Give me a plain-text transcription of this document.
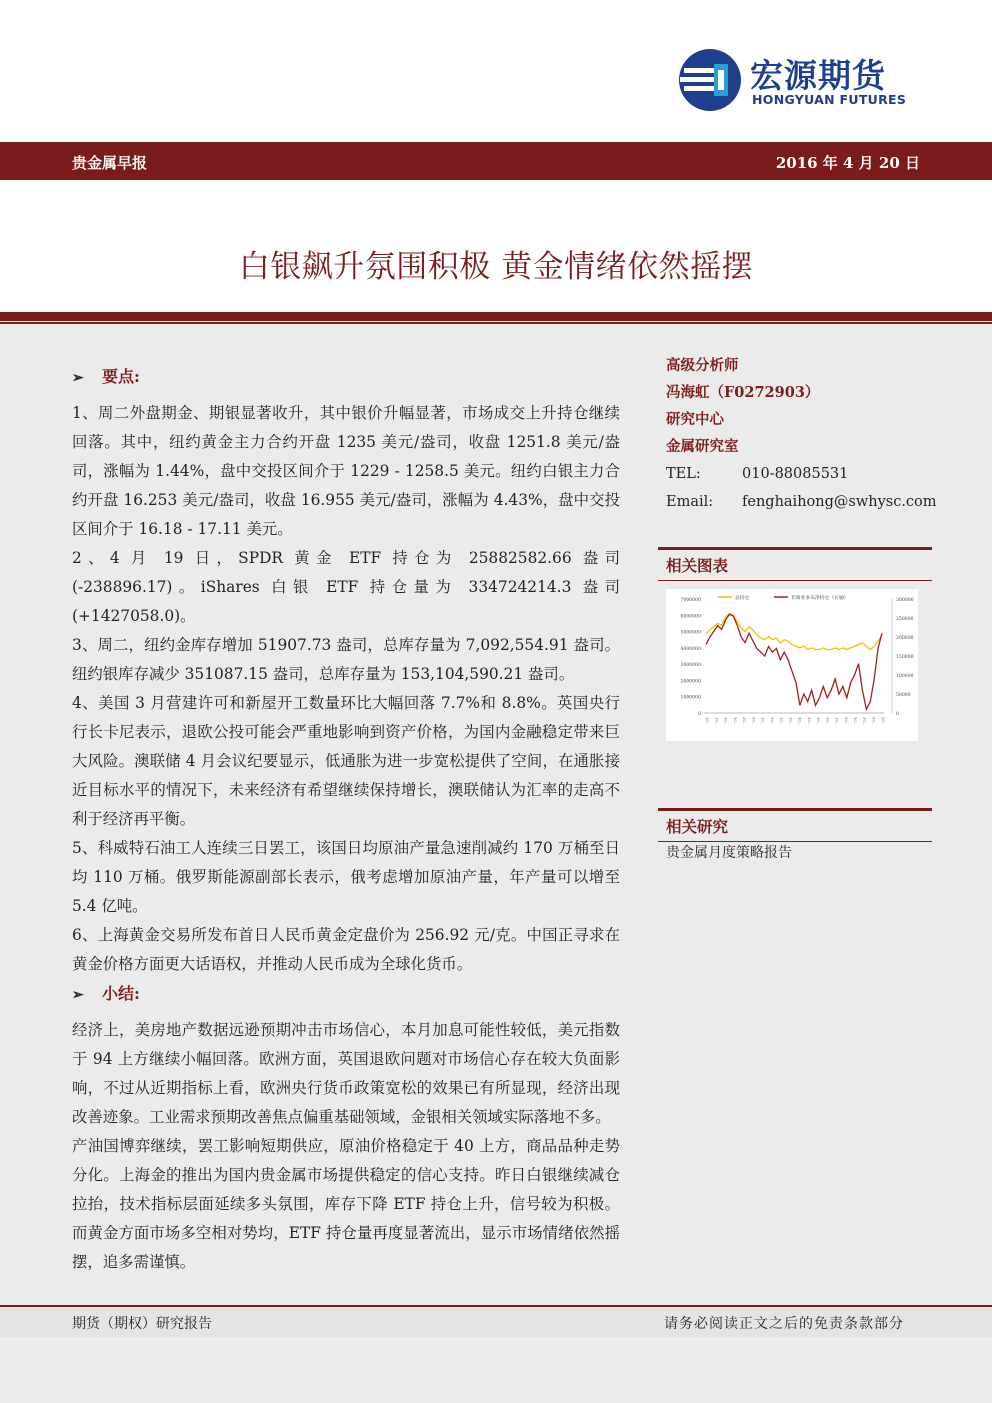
宏源期货
HONGYUAN FUTURES
贵金属早报	2016 年 4 月 20 日
白银飙升氛围积极 黄金情绪依然摇摆
➢ 要点:

1、周二外盘期金、期银显著收升，其中银价升幅显著，市场成交上升持仓继续回落。其中，纽约黄金主力合约开盘 1235 美元/盎司，收盘 1251.8 美元/盎司，涨幅为 1.44%，盘中交投区间介于 1229 - 1258.5 美元。纽约白银主力合约开盘 16.253 美元/盎司，收盘 16.955 美元/盎司，涨幅为 4.43%，盘中交投区间介于 16.18 - 17.11 美元。

2、4 月 19 日，SPDR 黄金 ETF 持仓为 25882582.66 盎司 (-238896.17)。iShares 白银 ETF 持仓量为 334724214.3 盎司 (+1427058.0)。

3、周二，纽约金库存增加 51907.73 盎司，总库存量为 7,092,554.91 盎司。纽约银库存减少 351087.15 盎司，总库存量为 153,104,590.21 盎司。

4、美国 3 月营建许可和新屋开工数量环比大幅回落 7.7%和 8.8%。英国央行行长卡尼表示，退欧公投可能会严重地影响到资产价格，为国内金融稳定带来巨大风险。澳联储 4 月会议纪要显示，低通胀为进一步宽松提供了空间，在通胀接近目标水平的情况下，未来经济有希望继续保持增长，澳联储认为汇率的走高不利于经济再平衡。

5、科威特石油工人连续三日罢工，该国日均原油产量急速削减约 170 万桶至日均 110 万桶。俄罗斯能源副部长表示，俄考虑增加原油产量，年产量可以增至 5.4 亿吨。

6、上海黄金交易所发布首日人民币黄金定盘价为 256.92 元/克。中国正寻求在黄金价格方面更大话语权，并推动人民币成为全球化货币。

➢ 小结:

经济上，美房地产数据远逊预期冲击市场信心，本月加息可能性较低，美元指数于 94 上方继续小幅回落。欧洲方面，英国退欧问题对市场信心存在较大负面影响，不过从近期指标上看，欧洲央行货币政策宽松的效果已有所显现，经济出现改善迹象。工业需求预期改善焦点偏重基础领域，金银相关领域实际落地不多。

产油国博弈继续，罢工影响短期供应，原油价格稳定于 40 上方，商品品种走势分化。上海金的推出为国内贵金属市场提供稳定的信心支持。昨日白银继续减仓拉抬，技术指标层面延续多头氛围，库存下降 ETF 持仓上升，信号较为积极。而黄金方面市场多空相对势均，ETF 持仓量再度显著流出，显示市场情绪依然摇摆，追多需谨慎。

高级分析师
冯海虹（F0272903）
研究中心
金属研究室
TEL:	010-88085531
Email: fenghaihong@swhysc.com
相关图表
总持仓	非商业多头净持仓（右轴）
7000000
6000000
5000000
4000000
3000000
2000000
1000000
0
300000
250000
200000
150000
100000
50000
0
20… 20… 20… 20… 20… 20… 20… 20… 20… 20… 20… 20… 20… 20… 20… 20… 20… 20… 20… 20…
相关研究
贵金属月度策略报告
期货（期权）研究报告	请务必阅读正文之后的免责条款部分
